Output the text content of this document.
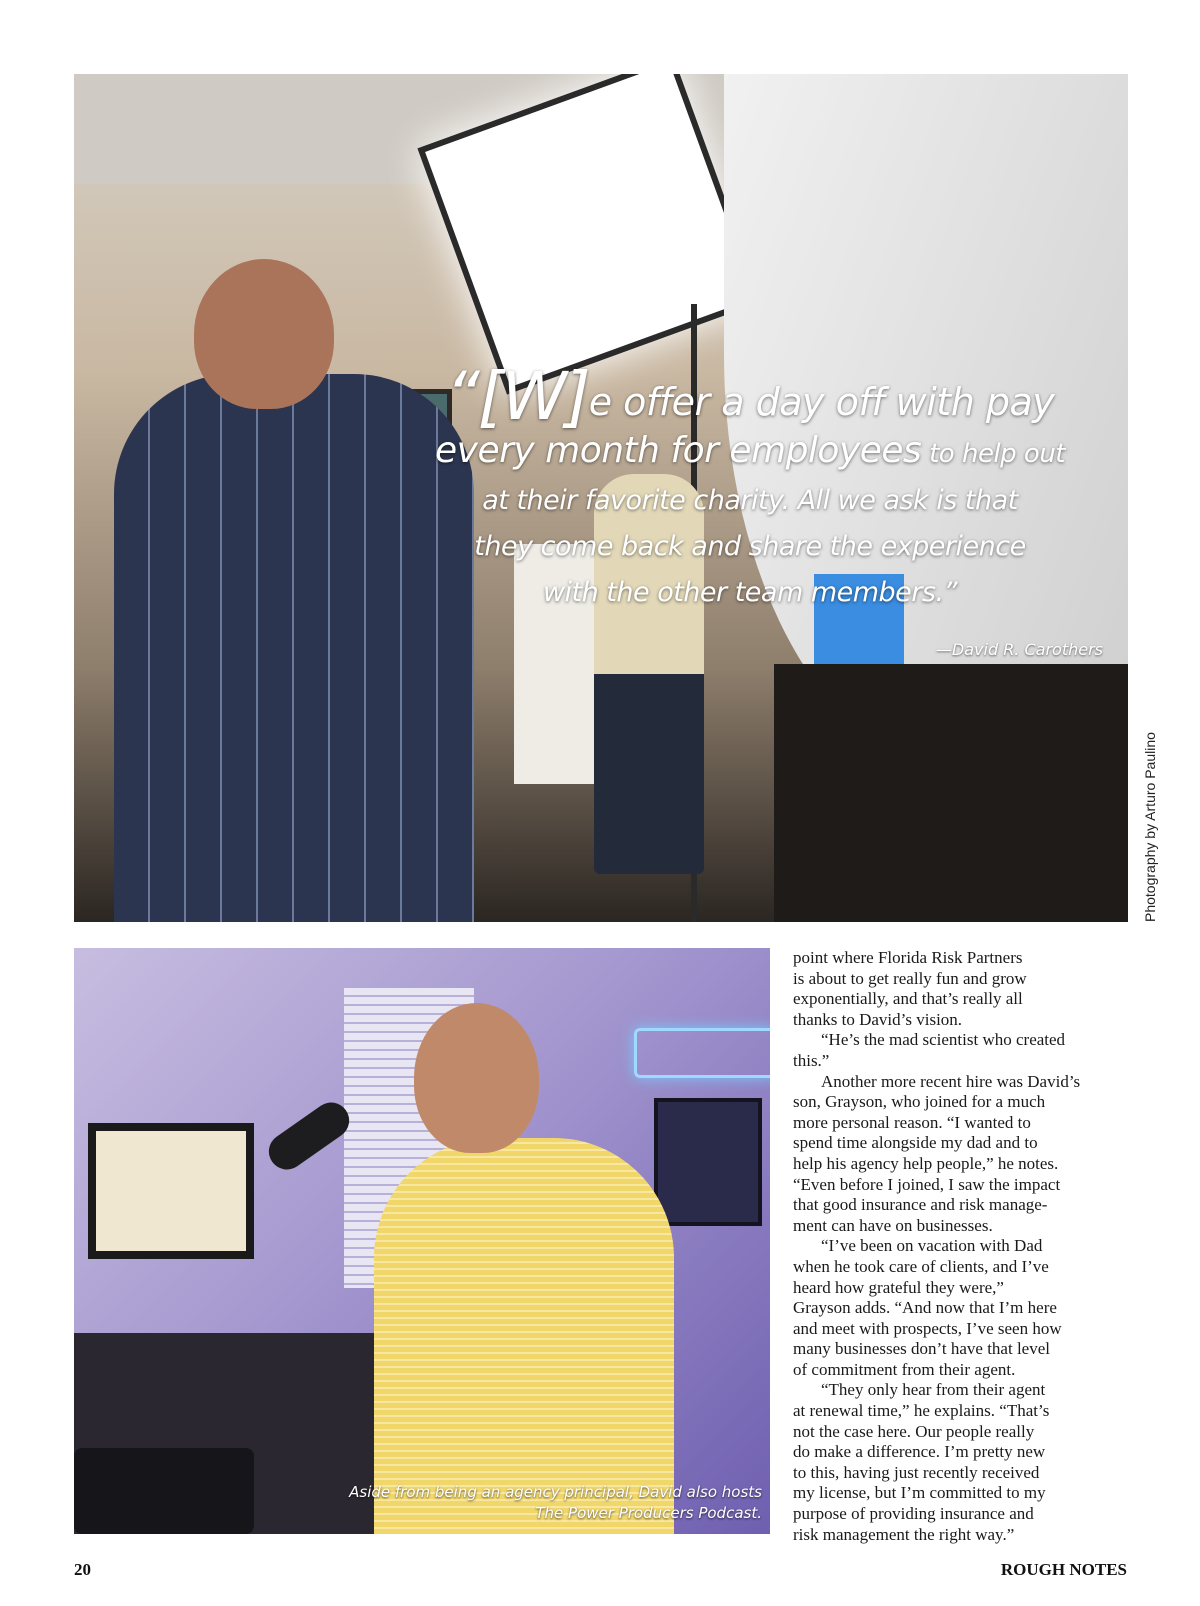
“[W]e offer a day off with pay
every month for employees to help out
at their favorite charity. All we ask is that
they come back and share the experience
with the other team members.”
—David R. Carothers
Photography by Arturo Paulino
Aside from being an agency principal, David also hosts
The Power Producers Podcast.
point where Florida Risk Partners
is about to get really fun and grow
exponentially, and that’s really all
thanks to David’s vision.
“He’s the mad scientist who created
this.”
Another more recent hire was David’s
son, Grayson, who joined for a much
more personal reason. “I wanted to
spend time alongside my dad and to
help his agency help people,” he notes.
“Even before I joined, I saw the impact
that good insurance and risk manage-
ment can have on businesses.
“I’ve been on vacation with Dad
when he took care of clients, and I’ve
heard how grateful they were,”
Grayson adds. “And now that I’m here
and meet with prospects, I’ve seen how
many businesses don’t have that level
of commitment from their agent.
“They only hear from their agent
at renewal time,” he explains. “That’s
not the case here. Our people really
do make a difference. I’m pretty new
to this, having just recently received
my license, but I’m committed to my
purpose of providing insurance and
risk management the right way.”
20	ROUGH NOTES
